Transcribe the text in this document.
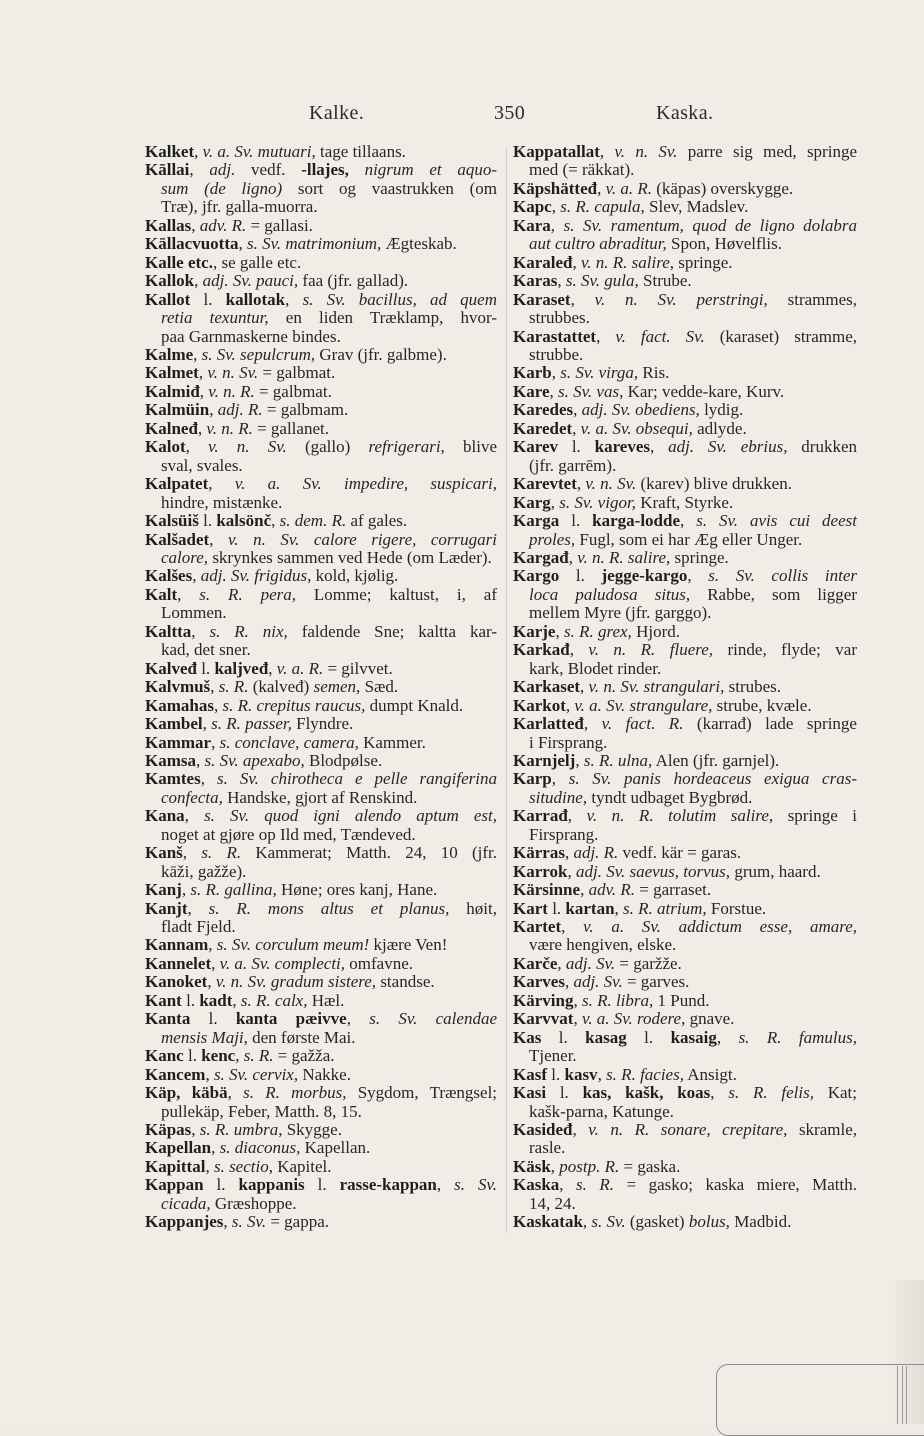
Kalke.	350	Kaska.
Kalket, v. a. Sv. mutuari, tage tillaans.
Kāllai, adj. vedf. -llajes, nigrum et aquo-
sum (de ligno) sort og vaastrukken (om
Træ), jfr. galla-muorra.
Kallas, adv. R. = gallasi.
Kāllacvuotta, s. Sv. matrimonium, Ægteskab.
Kalle etc., se galle etc.
Kallok, adj. Sv. pauci, faa (jfr. gallad).
Kallot l. kallotak, s. Sv. bacillus, ad quem
retia texuntur, en liden Træklamp, hvor-
paa Garnmaskerne bindes.
Kalme, s. Sv. sepulcrum, Grav (jfr. galbme).
Kalmet, v. n. Sv. = galbmat.
Kalmiđ, v. n. R. = galbmat.
Kalmüin, adj. R. = galbmam.
Kalneđ, v. n. R. = gallanet.
Kalot, v. n. Sv. (gallo) refrigerari, blive
sval, svales.
Kalpatet, v. a. Sv. impedire, suspicari,
hindre, mistænke.
Kalsüiš l. kalsönč, s. dem. R. af gales.
Kalšadet, v. n. Sv. calore rigere, corrugari
calore, skrynkes sammen ved Hede (om Læder).
Kalšes, adj. Sv. frigidus, kold, kjølig.
Kalt, s. R. pera, Lomme; kaltust, i, af
Lommen.
Kaltta, s. R. nix, faldende Sne; kaltta kar-
kad, det sner.
Kalveđ l. kaljveđ, v. a. R. = gilvvet.
Kalvmuš, s. R. (kalveđ) semen, Sæd.
Kamahas, s. R. crepitus raucus, dumpt Knald.
Kambel, s. R. passer, Flyndre.
Kammar, s. conclave, camera, Kammer.
Kamsa, s. Sv. apexabo, Blodpølse.
Kamtes, s. Sv. chirotheca e pelle rangiferina
confecta, Handske, gjort af Renskind.
Kana, s. Sv. quod igni alendo aptum est,
noget at gjøre op Ild med, Tændeved.
Kanš, s. R. Kammerat; Matth. 24, 10 (jfr.
kāži, gažže).
Kanj, s. R. gallina, Høne; ores kanj, Hane.
Kanjt, s. R. mons altus et planus, høit,
fladt Fjeld.
Kannam, s. Sv. corculum meum! kjære Ven!
Kannelet, v. a. Sv. complecti, omfavne.
Kanoket, v. n. Sv. gradum sistere, standse.
Kant l. kadt, s. R. calx, Hæl.
Kanta l. kanta pæivve, s. Sv. calendae
mensis Maji, den første Mai.
Kanc l. kenc, s. R. = gažža.
Kancem, s. Sv. cervix, Nakke.
Käp, käbä, s. R. morbus, Sygdom, Trængsel;
pullekäp, Feber, Matth. 8, 15.
Käpas, s. R. umbra, Skygge.
Kapellan, s. diaconus, Kapellan.
Kapittal, s. sectio, Kapitel.
Kappan l. kappanis l. rasse-kappan, s. Sv.
cicada, Græshoppe.
Kappanjes, s. Sv. = gappa.
Kappatallat, v. n. Sv. parre sig med, springe
med (= räkkat).
Käpshätteđ, v. a. R. (käpas) overskygge.
Kapc, s. R. capula, Slev, Madslev.
Kara, s. Sv. ramentum, quod de ligno dolabra
aut cultro abraditur, Spon, Høvelflis.
Karaleđ, v. n. R. salire, springe.
Karas, s. Sv. gula, Strube.
Karaset, v. n. Sv. perstringi, strammes,
strubbes.
Karastattet, v. fact. Sv. (karaset) stramme,
strubbe.
Karb, s. Sv. virga, Ris.
Kare, s. Sv. vas, Kar; vedde-kare, Kurv.
Karedes, adj. Sv. obediens, lydig.
Karedet, v. a. Sv. obsequi, adlyde.
Karev l. kareves, adj. Sv. ebrius, drukken
(jfr. garrēm).
Karevtet, v. n. Sv. (karev) blive drukken.
Karg, s. Sv. vigor, Kraft, Styrke.
Karga l. karga-lodde, s. Sv. avis cui deest
proles, Fugl, som ei har Æg eller Unger.
Kargađ, v. n. R. salire, springe.
Kargo l. jegge-kargo, s. Sv. collis inter
loca paludosa situs, Rabbe, som ligger
mellem Myre (jfr. garggo).
Karje, s. R. grex, Hjord.
Karkađ, v. n. R. fluere, rinde, flyde; var
kark, Blodet rinder.
Karkaset, v. n. Sv. strangulari, strubes.
Karkot, v. a. Sv. strangulare, strube, kvæle.
Karlatteđ, v. fact. R. (karrađ) lade springe
i Firsprang.
Karnjelj, s. R. ulna, Alen (jfr. garnjel).
Karp, s. Sv. panis hordeaceus exigua cras-
situdine, tyndt udbaget Bygbrød.
Karrađ, v. n. R. tolutim salire, springe i
Firsprang.
Kärras, adj. R. vedf. kär = garas.
Karrok, adj. Sv. saevus, torvus, grum, haard.
Kärsinne, adv. R. = garraset.
Kart l. kartan, s. R. atrium, Forstue.
Kartet, v. a. Sv. addictum esse, amare,
være hengiven, elske.
Karče, adj. Sv. = garžže.
Karves, adj. Sv. = garves.
Kärving, s. R. libra, 1 Pund.
Karvvat, v. a. Sv. rodere, gnave.
Kas l. kasag l. kasaig, s. R. famulus,
Tjener.
Kasf l. kasv, s. R. facies, Ansigt.
Kasi l. kas, kašk, koas, s. R. felis, Kat;
kašk-parna, Katunge.
Kasideđ, v. n. R. sonare, crepitare, skramle,
rasle.
Käsk, postp. R. = gaska.
Kaska, s. R. = gasko; kaska miere, Matth.
14, 24.
Kaskatak, s. Sv. (gasket) bolus, Madbid.
